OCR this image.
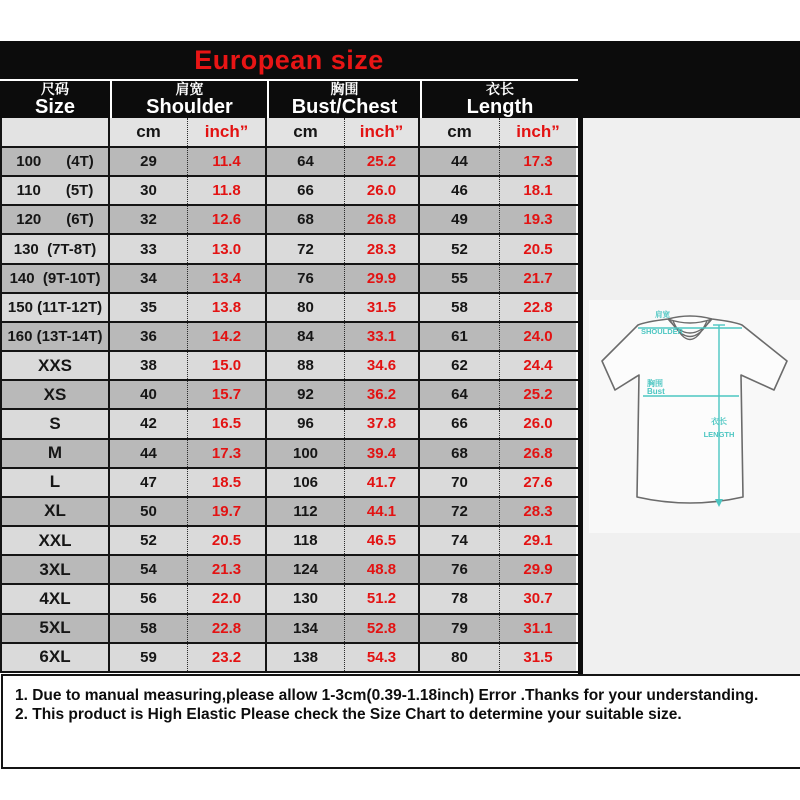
European size
尺码
Size
肩宽
Shoulder
胸围
Bust/Chest
衣长
Length
cm	inch”	cm	inch”	cm	inch”
100      (4T)	29	11.4	64	25.2	44	17.3
110      (5T)	30	11.8	66	26.0	46	18.1
120      (6T)	32	12.6	68	26.8	49	19.3
130  (7T-8T)	33	13.0	72	28.3	52	20.5
140  (9T-10T)	34	13.4	76	29.9	55	21.7
150 (11T-12T)	35	13.8	80	31.5	58	22.8
160 (13T-14T)	36	14.2	84	33.1	61	24.0
XXS	38	15.0	88	34.6	62	24.4
XS	40	15.7	92	36.2	64	25.2
S	42	16.5	96	37.8	66	26.0
M	44	17.3	100	39.4	68	26.8
L	47	18.5	106	41.7	70	27.6
XL	50	19.7	112	44.1	72	28.3
XXL	52	20.5	118	46.5	74	29.1
3XL	54	21.3	124	48.8	76	29.9
4XL	56	22.0	130	51.2	78	30.7
5XL	58	22.8	134	52.8	79	31.1
6XL	59	23.2	138	54.3	80	31.5
肩宽
SHOULDER
胸围
Bust
衣长
LENGTH
1. Due to manual measuring,please allow 1-3cm(0.39-1.18inch) Error .Thanks for your understanding.
2. This product is High Elastic Please check the Size Chart to determine your suitable size.
